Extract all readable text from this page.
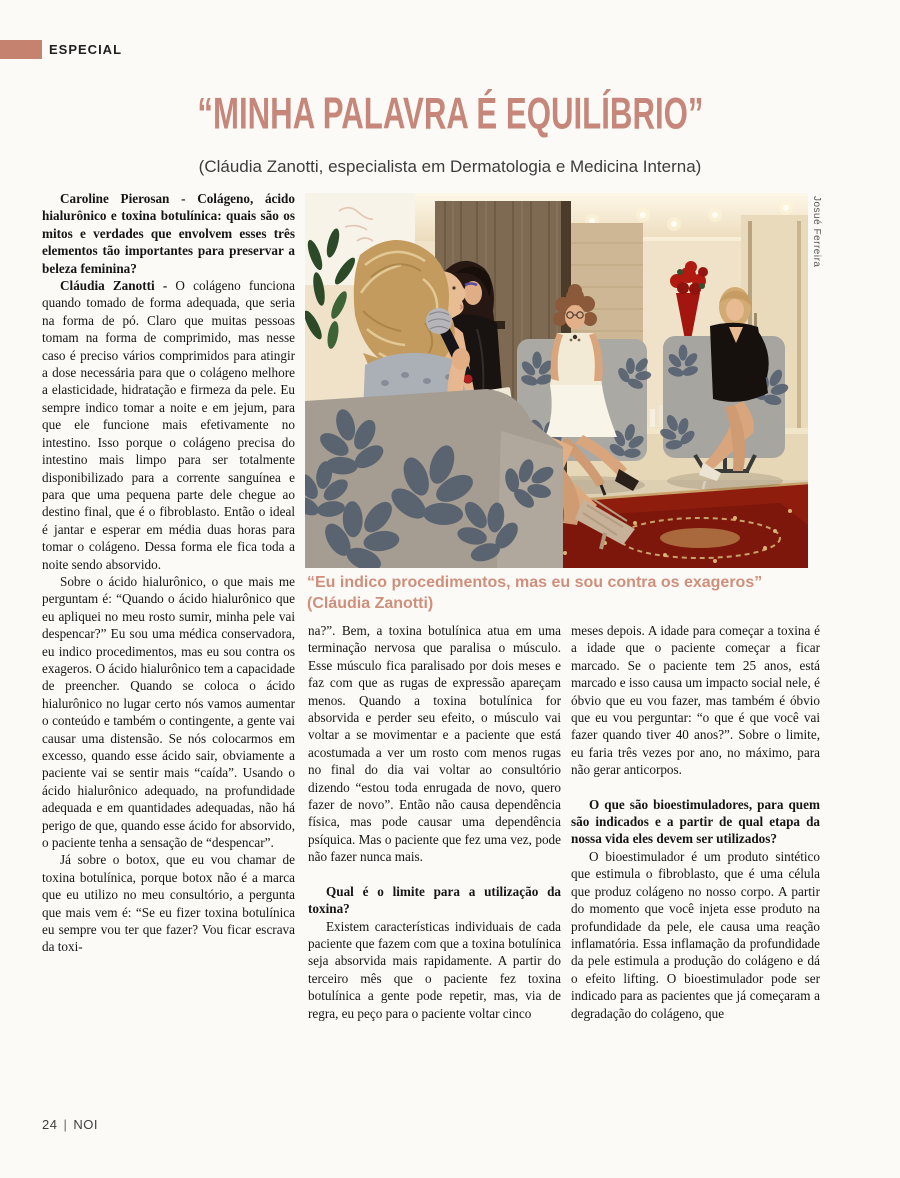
ESPECIAL
“MINHA PALAVRA É EQUILÍBRIO”
(Cláudia Zanotti, especialista em Dermatologia e Medicina Interna)
Josué Ferreira
“Eu indico procedimentos, mas eu sou contra os exageros”
(Cláudia Zanotti)

Caroline Pierosan - Colágeno, ácido hialurônico e toxina botulínica: quais são os mitos e verdades que envolvem esses três elementos tão importantes para preservar a beleza feminina?

Cláudia Zanotti - O colágeno funciona quando tomado de forma adequada, que seria na forma de pó. Claro que muitas pessoas tomam na forma de comprimido, mas nesse caso é preciso vários comprimidos para atingir a dose necessária para que o colágeno melhore a elasticidade, hidratação e firmeza da pele. Eu sempre indico tomar a noite e em jejum, para que ele funcione mais efetivamente no intestino. Isso porque o colágeno precisa do intestino mais limpo para ser totalmente disponibilizado para a corrente sanguínea e para que uma pequena parte dele chegue ao destino final, que é o fibroblasto. Então o ideal é jantar e esperar em média duas horas para tomar o colágeno. Dessa forma ele fica toda a noite sendo absorvido.

Sobre o ácido hialurônico, o que mais me perguntam é: “Quando o ácido hialurônico que eu apliquei no meu rosto sumir, minha pele vai despencar?” Eu sou uma médica conservadora, eu indico procedimentos, mas eu sou contra os exageros. O ácido hialurônico tem a capacidade de preencher. Quando se coloca o ácido hialurônico no lugar certo nós vamos aumentar o conteúdo e também o contingente, a gente vai causar uma distensão. Se nós colocarmos em excesso, quando esse ácido sair, obviamente a paciente vai se sentir mais “caída”. Usando o ácido hialurônico adequado, na profundidade adequada e em quantidades adequadas, não há perigo de que, quando esse ácido for absorvido, o paciente tenha a sensação de “despencar”.

Já sobre o botox, que eu vou chamar de toxina botulínica, porque botox não é a marca que eu utilizo no meu consultório, a pergunta que mais vem é: “Se eu fizer toxina botulínica eu sempre vou ter que fazer? Vou ficar escrava da toxi-

na?”. Bem, a toxina botulínica atua em uma terminação nervosa que paralisa o músculo. Esse músculo fica paralisado por dois meses e faz com que as rugas de expressão apareçam menos. Quando a toxina botulínica for absorvida e perder seu efeito, o músculo vai voltar a se movimentar e a paciente que está acostumada a ver um rosto com menos rugas no final do dia vai voltar ao consultório dizendo “estou toda enrugada de novo, quero fazer de novo”. Então não causa dependência física, mas pode causar uma dependência psíquica. Mas o paciente que fez uma vez, pode não fazer nunca mais.

Qual é o limite para a utilização da toxina?

Existem características individuais de cada paciente que fazem com que a toxina botulínica seja absorvida mais rapidamente. A partir do terceiro mês que o paciente fez toxina botulínica a gente pode repetir, mas, via de regra, eu peço para o paciente voltar cinco

meses depois. A idade para começar a toxina é a idade que o paciente começar a ficar marcado. Se o paciente tem 25 anos, está marcado e isso causa um impacto social nele, é óbvio que eu vou fazer, mas também é óbvio que eu vou perguntar: “o que é que você vai fazer quando tiver 40 anos?”. Sobre o limite, eu faria três vezes por ano, no máximo, para não gerar anticorpos.

O que são bioestimuladores, para quem são indicados e a partir de qual etapa da nossa vida eles devem ser utilizados?

O bioestimulador é um produto sintético que estimula o fibroblasto, que é uma célula que produz colágeno no nosso corpo. A partir do momento que você injeta esse produto na profundidade da pele, ele causa uma reação inflamatória. Essa inflamação da profundidade da pele estimula a produção do colágeno e dá o efeito lifting. O bioestimulador pode ser indicado para as pacientes que já começaram a degradação do colágeno, que

24 | NOI
